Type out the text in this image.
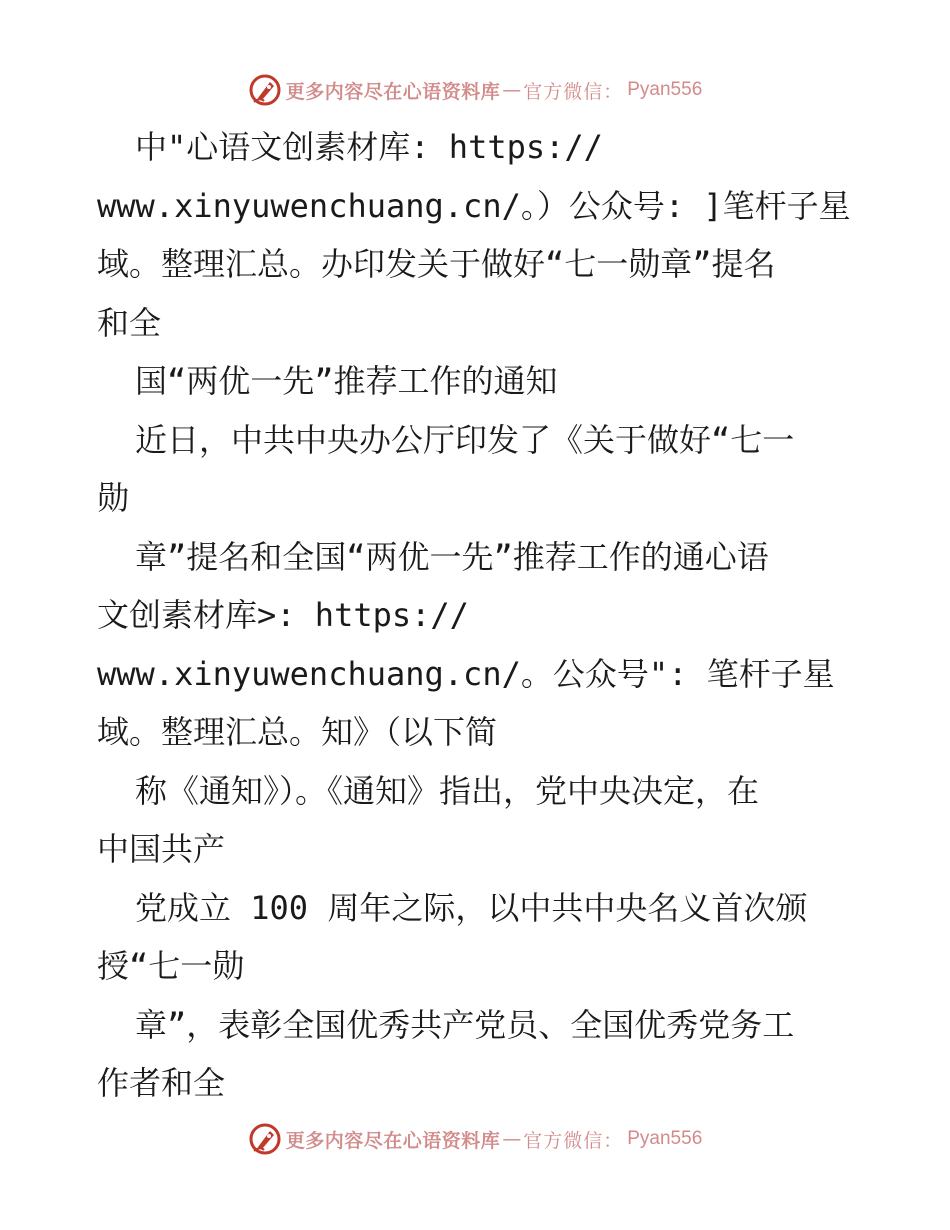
更多内容尽在心语资料库 — 官方微信： Pyan556
中"心语文创素材库: https://
www.xinyuwenchuang.cn/。）公众号: ]笔杆子星
域。整理汇总。办印发关于做好“七一勋章”提名
和全
国“两优一先”推荐工作的通知
近日，中共中央办公厅印发了《关于做好“七一
勋
章”提名和全国“两优一先”推荐工作的通心语
文创素材库>: https://
www.xinyuwenchuang.cn/。公众号": 笔杆子星
域。整理汇总。知》（以下简
称《通知》）。《通知》指出，党中央决定，在
中国共产
党成立 100 周年之际，以中共中央名义首次颁
授“七一勋
章”，表彰全国优秀共产党员、全国优秀党务工
作者和全
更多内容尽在心语资料库 — 官方微信： Pyan556
